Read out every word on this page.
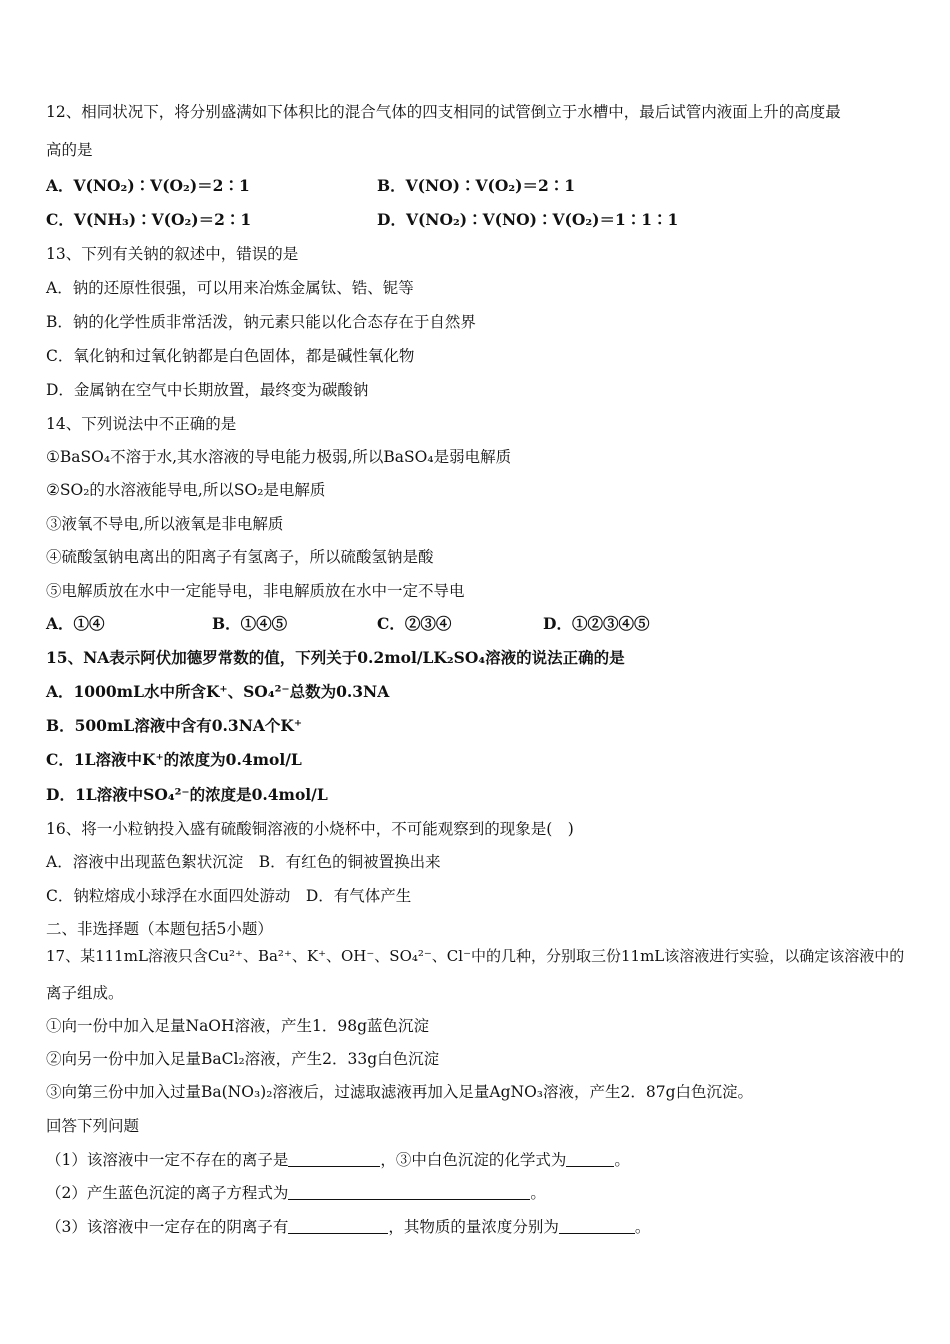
12、相同状况下，将分别盛满如下体积比的混合气体的四支相同的试管倒立于水槽中，最后试管内液面上升的高度最
高的是
A．V(NO₂)∶V(O₂)＝2∶1	B．V(NO)∶V(O₂)＝2∶1
C．V(NH₃)∶V(O₂)＝2∶1	D．V(NO₂)∶V(NO)∶V(O₂)＝1∶1∶1
13、下列有关钠的叙述中，错误的是
A．钠的还原性很强，可以用来冶炼金属钛、锆、铌等
B．钠的化学性质非常活泼，钠元素只能以化合态存在于自然界
C．氧化钠和过氧化钠都是白色固体，都是碱性氧化物
D．金属钠在空气中长期放置，最终变为碳酸钠
14、下列说法中不正确的是
①BaSO₄不溶于水,其水溶液的导电能力极弱,所以BaSO₄是弱电解质
②SO₂的水溶液能导电,所以SO₂是电解质
③液氧不导电,所以液氧是非电解质
④硫酸氢钠电离出的阳离子有氢离子，所以硫酸氢钠是酸
⑤电解质放在水中一定能导电，非电解质放在水中一定不导电
A．①④	B．①④⑤	C．②③④	D．①②③④⑤
15、NA表示阿伏加德罗常数的值，下列关于0.2mol/LK₂SO₄溶液的说法正确的是
A．1000mL水中所含K⁺、SO₄²⁻总数为0.3NA
B．500mL溶液中含有0.3NA个K⁺
C．1L溶液中K⁺的浓度为0.4mol/L
D．1L溶液中SO₄²⁻的浓度是0.4mol/L
16、将一小粒钠投入盛有硫酸铜溶液的小烧杯中，不可能观察到的现象是(　)
A．溶液中出现蓝色絮状沉淀　B．有红色的铜被置换出来
C．钠粒熔成小球浮在水面四处游动　D．有气体产生
二、非选择题（本题包括5小题）
17、某111mL溶液只含Cu²⁺、Ba²⁺、K⁺、OH⁻、SO₄²⁻、Cl⁻中的几种，分别取三份11mL该溶液进行实验，以确定该溶液中的
离子组成。
①向一份中加入足量NaOH溶液，产生1．98g蓝色沉淀
②向另一份中加入足量BaCl₂溶液，产生2．33g白色沉淀
③向第三份中加入过量Ba(NO₃)₂溶液后，过滤取滤液再加入足量AgNO₃溶液，产生2．87g白色沉淀。
回答下列问题
（1）该溶液中一定不存在的离子是	，③中白色沉淀的化学式为	。
（2）产生蓝色沉淀的离子方程式为	。
（3）该溶液中一定存在的阴离子有	，其物质的量浓度分别为	。
